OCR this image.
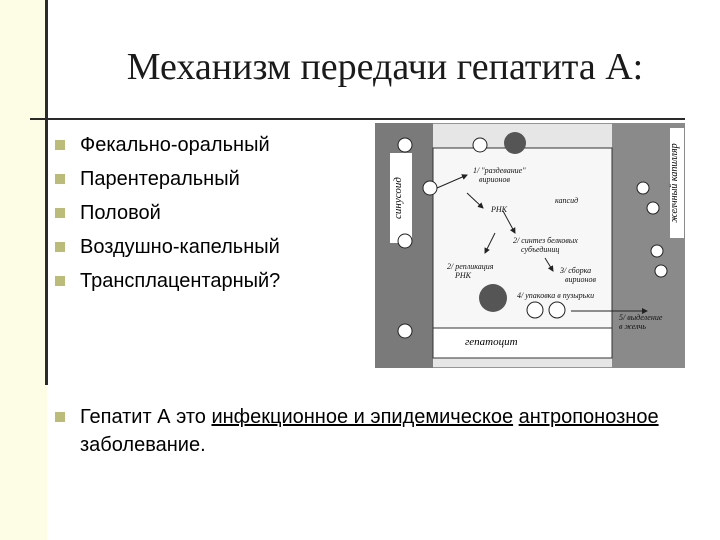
Механизм передачи гепатита А:
Фекально-оральный
Парентеральный
Половой
Воздушно-капельный
Трансплацентарный?
синусоид	желчный капилляр
гепатоцит
1/ "раздевание"
вирионов
капсид
РНК
2/ синтез белковых
субъединиц
2/ репликация
РНК
3/ сборка
вирионов
4/ упаковка в пузырьки
5/ выделение
в желчь
Гепатит А это инфекционное и эпидемическое антропонозное заболевание.
